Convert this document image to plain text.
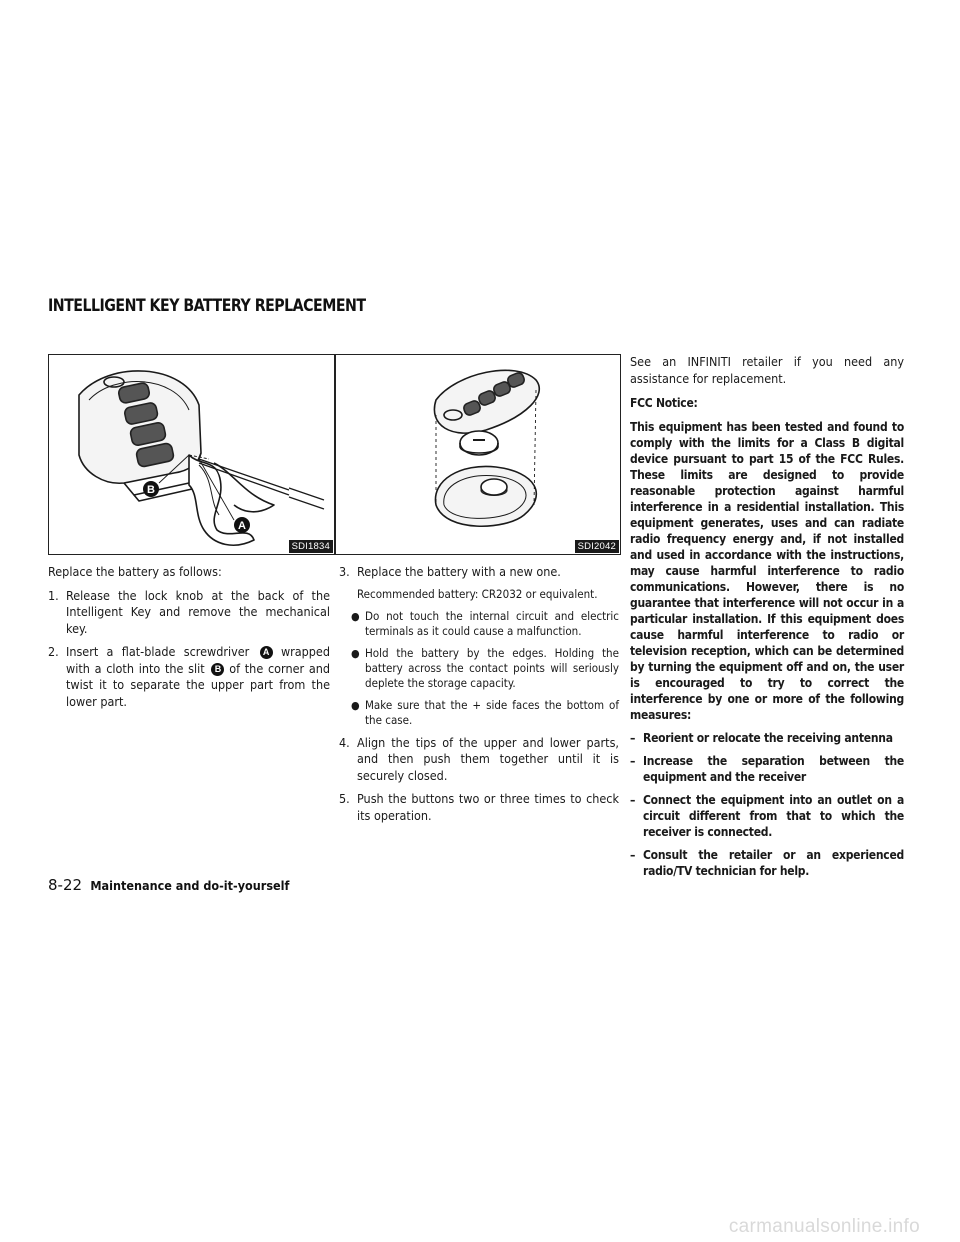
INTELLIGENT KEY BATTERY REPLACEMENT
B
A
SDI1834	SDI2042

Replace the battery as follows:

1. Release the lock knob at the back of the Intelligent Key and remove the mechanical key.
2. Insert a flat-blade screwdriver A wrapped with a cloth into the slit B of the corner and twist it to separate the upper part from the lower part.
3. Replace the battery with a new one.

Recommended battery: CR2032 or equivalent.

● Do not touch the internal circuit and electric terminals as it could cause a malfunction.
● Hold the battery by the edges. Holding the battery across the contact points will seriously deplete the storage capacity.
● Make sure that the + side faces the bottom of the case.
4. Align the tips of the upper and lower parts, and then push them together until it is securely closed.
5. Push the buttons two or three times to check its operation.

See an INFINITI retailer if you need any assistance for replacement.

FCC Notice:

This equipment has been tested and found to comply with the limits for a Class B digital device pursuant to part 15 of the FCC Rules. These limits are designed to provide reasonable protection against harmful interference in a residential installation. This equipment generates, uses and can radiate radio frequency energy and, if not installed and used in accordance with the instructions, may cause harmful interference to radio communications. However, there is no guarantee that interference will not occur in a particular installation. If this equipment does cause harmful interference to radio or television reception, which can be determined by turning the equipment off and on, the user is encouraged to try to correct the interference by one or more of the following measures:

– Reorient or relocate the receiving antenna
– Increase the separation between the equipment and the receiver
– Connect the equipment into an outlet on a circuit different from that to which the receiver is connected.
– Consult the retailer or an experienced radio/TV technician for help.
8-22 Maintenance and do-it-yourself
carmanualsonline.info
